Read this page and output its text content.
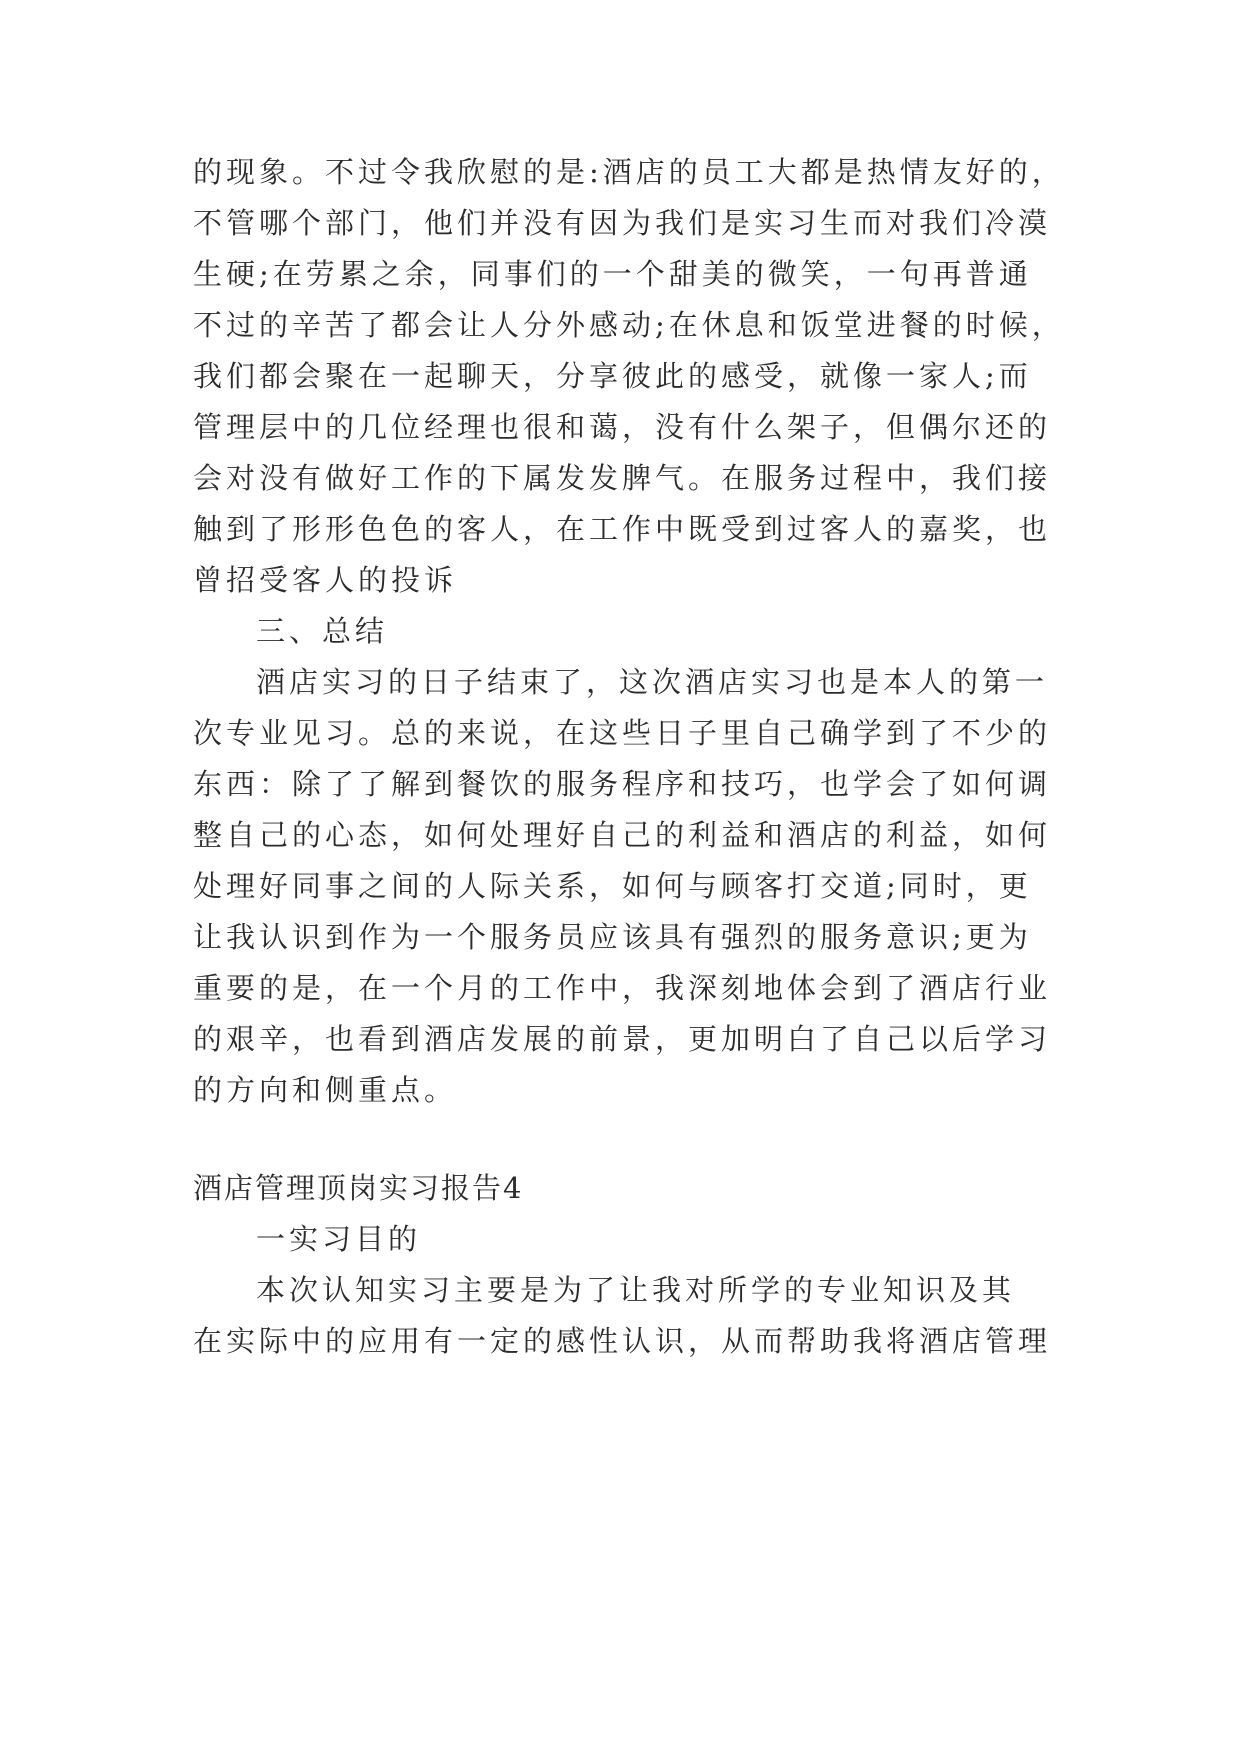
的现象。不过令我欣慰的是:酒店的员工大都是热情友好的，
不管哪个部门，他们并没有因为我们是实习生而对我们冷漠
生硬;在劳累之余，同事们的一个甜美的微笑，一句再普通
不过的辛苦了都会让人分外感动;在休息和饭堂进餐的时候，
我们都会聚在一起聊天，分享彼此的感受，就像一家人;而
管理层中的几位经理也很和蔼，没有什么架子，但偶尔还的
会对没有做好工作的下属发发脾气。在服务过程中，我们接
触到了形形色色的客人，在工作中既受到过客人的嘉奖，也
曾招受客人的投诉
三、总结
酒店实习的日子结束了，这次酒店实习也是本人的第一
次专业见习。总的来说，在这些日子里自己确学到了不少的
东西：除了了解到餐饮的服务程序和技巧，也学会了如何调
整自己的心态，如何处理好自己的利益和酒店的利益，如何
处理好同事之间的人际关系，如何与顾客打交道;同时，更
让我认识到作为一个服务员应该具有强烈的服务意识;更为
重要的是，在一个月的工作中，我深刻地体会到了酒店行业
的艰辛，也看到酒店发展的前景，更加明白了自己以后学习
的方向和侧重点。
酒店管理顶岗实习报告4
一实习目的
本次认知实习主要是为了让我对所学的专业知识及其
在实际中的应用有一定的感性认识，从而帮助我将酒店管理
